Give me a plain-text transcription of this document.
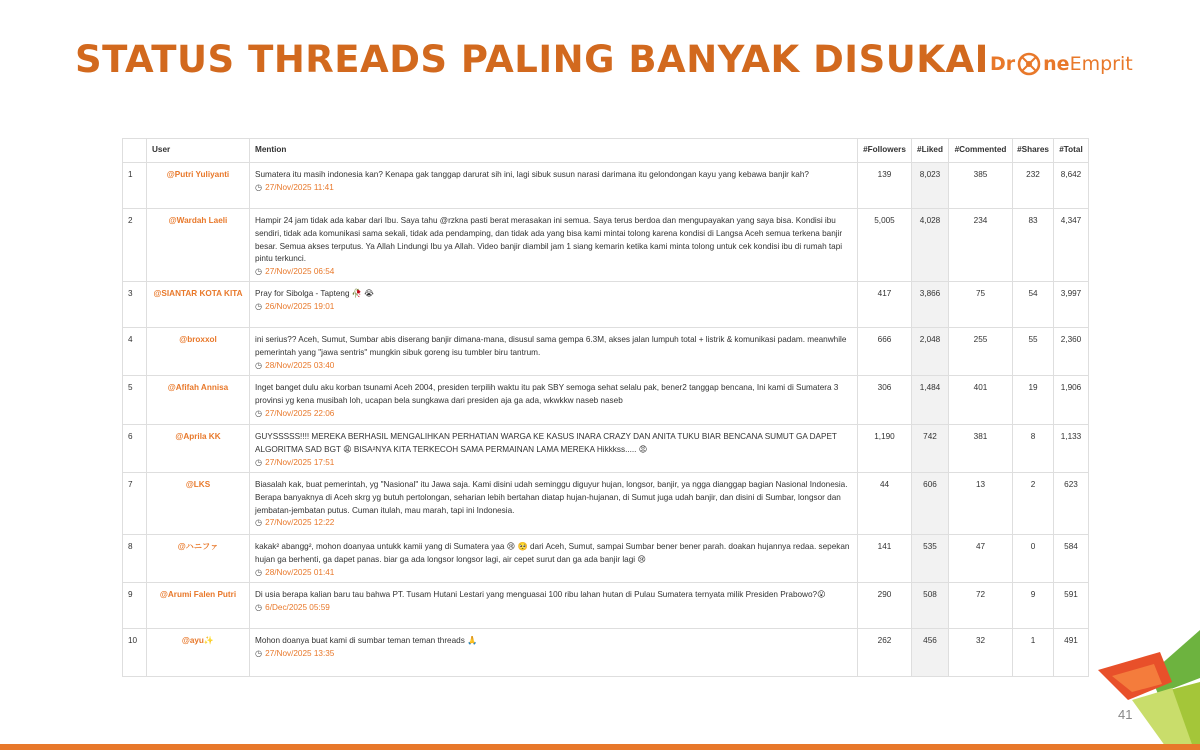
STATUS THREADS PALING BANYAK DISUKAI Dr ne Emprit
	User	Mention	#Followers	#Liked	#Commented	#Shares	#Total
1	@Putri Yuliyanti	Sumatera itu masih indonesia kan? Kenapa gak tanggap darurat sih ini, lagi sibuk susun narasi darimana itu gelondongan kayu yang kebawa banjir kah?
◷ 27/Nov/2025 11:41	139	8,023	385	232	8,642
2	@Wardah Laeli	Hampir 24 jam tidak ada kabar dari Ibu. Saya tahu @rzkna pasti berat merasakan ini semua. Saya terus berdoa dan mengupayakan yang saya bisa. Kondisi ibu sendiri, tidak ada komunikasi sama sekali, tidak ada pendamping, dan tidak ada yang bisa kami mintai tolong karena kondisi di Langsa Aceh semua terkena banjir besar. Semua akses terputus. Ya Allah Lindungi Ibu ya Allah. Video banjir diambil jam 1 siang kemarin ketika kami minta tolong untuk cek kondisi ibu di rumah tapi pintu terkunci.
◷ 27/Nov/2025 06:54	5,005	4,028	234	83	4,347
3	@SIANTAR KOTA KITA	Pray for Sibolga - Tapteng 🥀 😭
◷ 26/Nov/2025 19:01	417	3,866	75	54	3,997
4	@broxxol	ini serius?? Aceh, Sumut, Sumbar abis diserang banjir dimana-mana, disusul sama gempa 6.3M, akses jalan lumpuh total + listrik & komunikasi padam. meanwhile pemerintah yang "jawa sentris" mungkin sibuk goreng isu tumbler biru tantrum.
◷ 28/Nov/2025 03:40	666	2,048	255	55	2,360
5	@Afifah Annisa	Inget banget dulu aku korban tsunami Aceh 2004, presiden terpilih waktu itu pak SBY semoga sehat selalu pak, bener2 tanggap bencana, Ini kami di Sumatera 3 provinsi yg kena musibah loh, ucapan bela sungkawa dari presiden aja ga ada, wkwkkw naseb naseb
◷ 27/Nov/2025 22:06	306	1,484	401	19	1,906
6	@Aprila KK	GUYSSSSS!!!! MEREKA BERHASIL MENGALIHKAN PERHATIAN WARGA KE KASUS INARA CRAZY DAN ANITA TUKU BIAR BENCANA SUMUT GA DAPET ALGORITMA SAD BGT 😩 BISA²NYA KITA TERKECOH SAMA PERMAINAN LAMA MEREKA Hikkkss..... 😡
◷ 27/Nov/2025 17:51	1,190	742	381	8	1,133
7	@LKS	Biasalah kak, buat pemerintah, yg "Nasional" itu Jawa saja. Kami disini udah seminggu diguyur hujan, longsor, banjir, ya ngga dianggap bagian Nasional Indonesia. Berapa banyaknya di Aceh skrg yg butuh pertolongan, seharian lebih bertahan diatap hujan-hujanan, di Sumut juga udah banjir, dan disini di Sumbar, longsor dan jembatan-jembatan putus. Cuman itulah, mau marah, tapi ini Indonesia.
◷ 27/Nov/2025 12:22	44	606	13	2	623
8	@ハニファ	kakak² abangg², mohon doanyaa untukk kamii yang di Sumatera yaa 😢 🥺 dari Aceh, Sumut, sampai Sumbar bener bener parah. doakan hujannya redaa. sepekan hujan ga berhenti, ga dapet panas. biar ga ada longsor longsor lagi, air cepet surut dan ga ada banjir lagi 😢
◷ 28/Nov/2025 01:41	141	535	47	0	584
9	@Arumi Falen Putri	Di usia berapa kalian baru tau bahwa PT. Tusam Hutani Lestari yang menguasai 100 ribu lahan hutan di Pulau Sumatera ternyata milik Presiden Prabowo?😮
◷ 6/Dec/2025 05:59	290	508	72	9	591
10	@ayu✨	Mohon doanya buat kami di sumbar teman teman threads 🙏
◷ 27/Nov/2025 13:35	262	456	32	1	491
41
